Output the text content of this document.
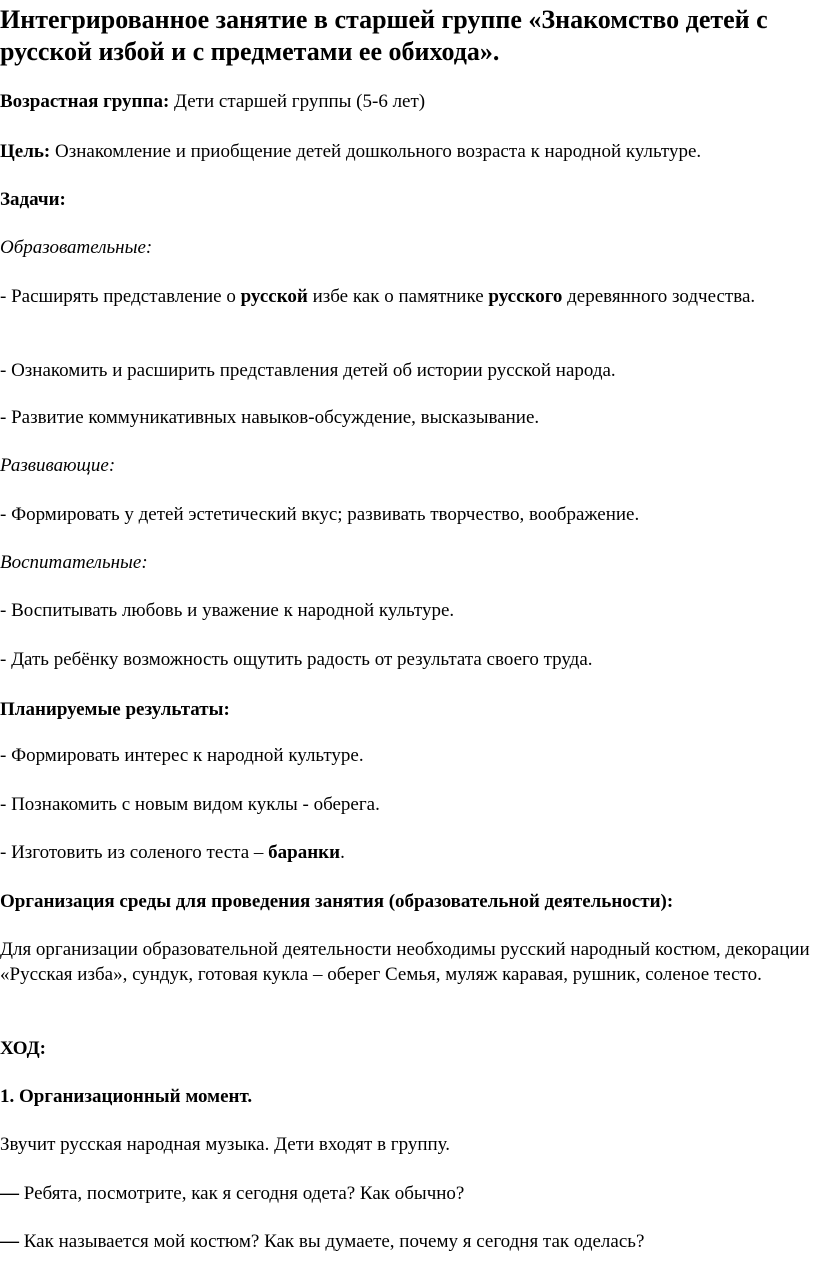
Интегрированное занятие в старшей группе «Знакомство детей с русской избой и с предметами ее обихода».

Возрастная группа: Дети старшей группы (5-6 лет)

Цель: Ознакомление и приобщение детей дошкольного возраста к народной культуре.

Задачи:

Образовательные:

- Расширять представление о русской избе как о памятнике русского деревянного зодчества.

- Ознакомить и расширить представления детей об истории русской народа.

- Развитие коммуникативных навыков-обсуждение, высказывание.

Развивающие:

- Формировать у детей эстетический вкус; развивать творчество, воображение.

Воспитательные:

- Воспитывать любовь и уважение к народной культуре.

- Дать ребёнку возможность ощутить радость от результата своего труда.

Планируемые результаты:

- Формировать интерес к народной культуре.

- Познакомить с новым видом куклы - оберега.

- Изготовить из соленого теста – баранки.

Организация среды для проведения занятия (образовательной деятельности):

Для организации образовательной деятельности необходимы русский народный костюм, декорации «Русская изба», сундук, готовая кукла – оберег Семья, муляж каравая, рушник, соленое тесто.

ХОД:

1. Организационный момент.

Звучит русская народная музыка. Дети входят в группу.

— Ребята, посмотрите, как я сегодня одета? Как обычно?

— Как называется мой костюм? Как вы думаете, почему я сегодня так оделась?
